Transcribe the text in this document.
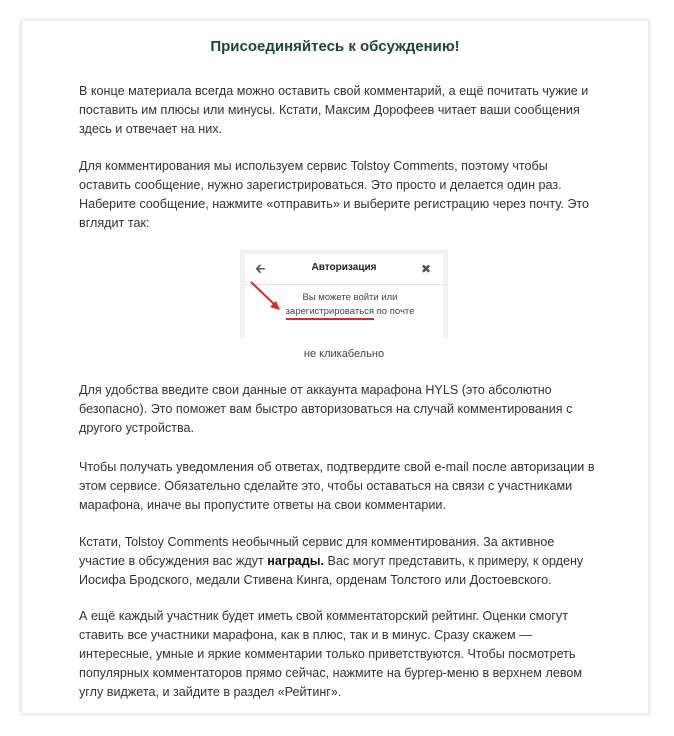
Присоединяйтесь к обсуждению!

В конце материала всегда можно оставить свой комментарий, а ещё почитать чужие и поставить им плюсы или минусы. Кстати, Максим Дорофеев читает ваши сообщения здесь и отвечает на них.

Для комментирования мы используем сервис Tolstoy Comments, поэтому чтобы оставить сообщение, нужно зарегистрироваться. Это просто и делается один раз. Наберите сообщение, нажмите «отправить» и выберите регистрацию через почту. Это вглядит так:

🡰	Авторизация	✖
Вы можете войти или
зарегистрироваться по почте
не кликабельно

Для удобства введите свои данные от аккаунта марафона HYLS (это абсолютно безопасно). Это поможет вам быстро авторизоваться на случай комментирования с другого устройства.

Чтобы получать уведомления об ответах, подтвердите свой e-mail после авторизации в этом сервисе. Обязательно сделайте это, чтобы оставаться на связи с участниками марафона, иначе вы пропустите ответы на свои комментарии.

Кстати, Tolstoy Comments необычный сервис для комментирования. За активное участие в обсуждения вас ждут награды. Вас могут представить, к примеру, к ордену Иосифа Бродского, медали Стивена Кинга, орденам Толстого или Достоевского.

А ещё каждый участник будет иметь свой комментаторский рейтинг. Оценки смогут ставить все участники марафона, как в плюс, так и в минус. Сразу скажем — интересные, умные и яркие комментарии только приветствуются. Чтобы посмотреть популярных комментаторов прямо сейчас, нажмите на бургер-меню в верхнем левом углу виджета, и зайдите в раздел «Рейтинг».
